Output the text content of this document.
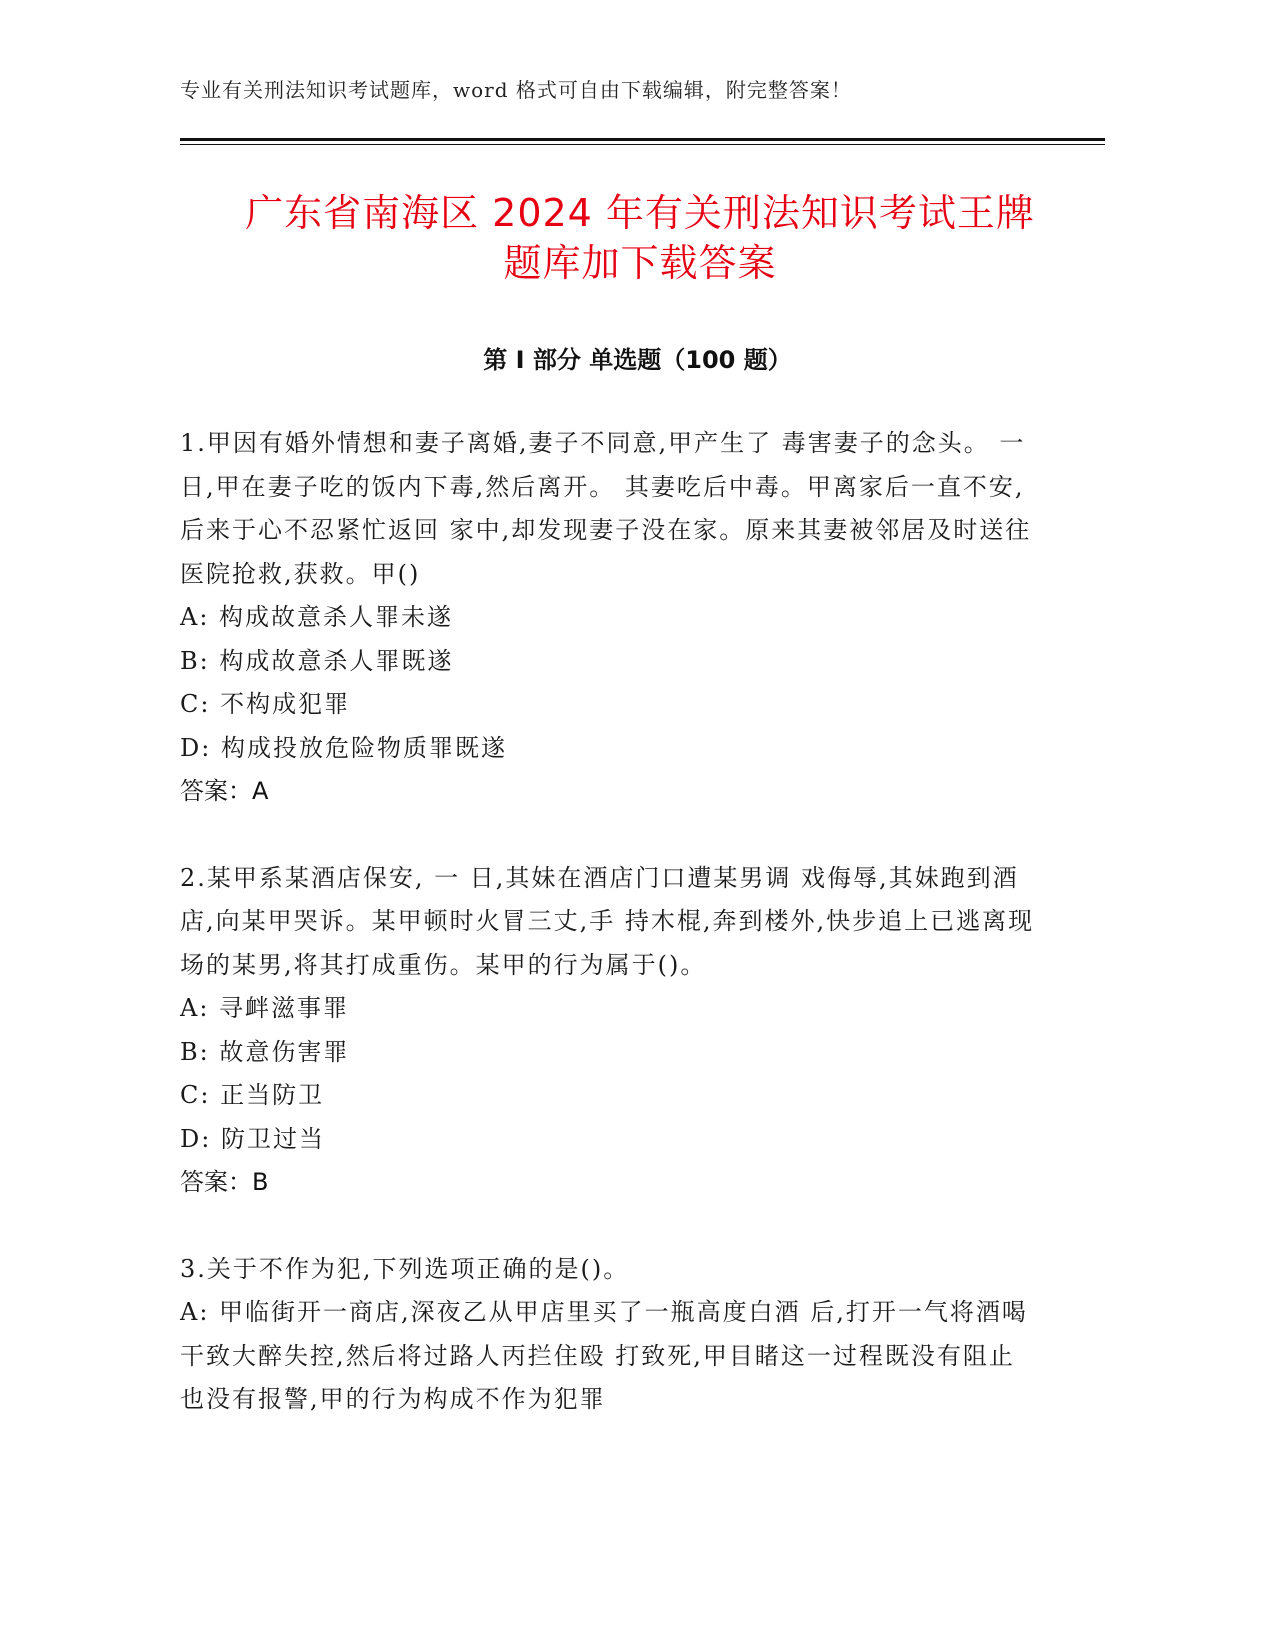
专业有关刑法知识考试题库，word 格式可自由下载编辑，附完整答案！
广东省南海区 2024 年有关刑法知识考试王牌
题库加下载答案
第 I 部分 单选题（100 题）
1.甲因有婚外情想和妻子离婚,妻子不同意,甲产生了 毒害妻子的念头。 一 日,甲在妻子吃的饭内下毒,然后离开。 其妻吃后中毒。甲离家后一直不安,后来于心不忍紧忙返回 家中,却发现妻子没在家。原来其妻被邻居及时送往医院抢救,获救。甲()
A: 构成故意杀人罪未遂
B: 构成故意杀人罪既遂
C: 不构成犯罪
D: 构成投放危险物质罪既遂
答案：A
2.某甲系某酒店保安, 一 日,其妹在酒店门口遭某男调 戏侮辱,其妹跑到酒店,向某甲哭诉。某甲顿时火冒三丈,手 持木棍,奔到楼外,快步追上已逃离现场的某男,将其打成重伤。某甲的行为属于()。
A: 寻衅滋事罪
B: 故意伤害罪
C: 正当防卫
D: 防卫过当
答案：B
3.关于不作为犯,下列选项正确的是()。
A: 甲临街开一商店,深夜乙从甲店里买了一瓶高度白酒 后,打开一气将酒喝干致大醉失控,然后将过路人丙拦住殴 打致死,甲目睹这一过程既没有阻止也没有报警,甲的行为构成不作为犯罪
